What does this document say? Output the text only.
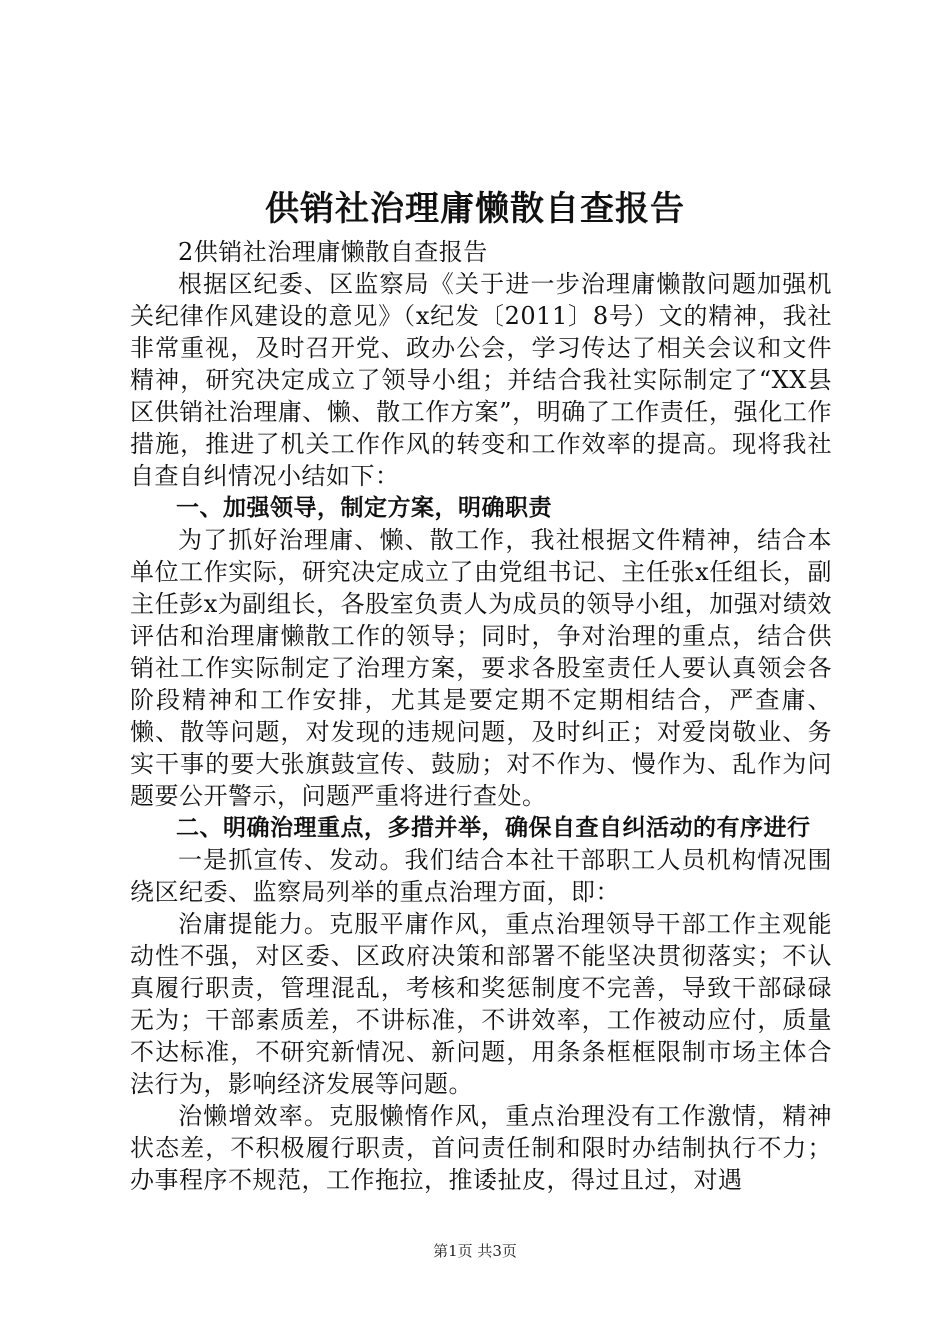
供销社治理庸懒散自查报告

2供销社治理庸懒散自查报告

根据区纪委、区监察局《关于进一步治理庸懒散问题加强机关纪律作风建设的意见》（x纪发〔2011〕8号）文的精神，我社非常重视，及时召开党、政办公会，学习传达了相关会议和文件精神，研究决定成立了领导小组；并结合我社实际制定了“XX县区供销社治理庸、懒、散工作方案”，明确了工作责任，强化工作措施，推进了机关工作作风的转变和工作效率的提高。现将我社自查自纠情况小结如下：

一、加强领导，制定方案，明确职责

为了抓好治理庸、懒、散工作，我社根据文件精神，结合本单位工作实际，研究决定成立了由党组书记、主任张x任组长，副主任彭x为副组长，各股室负责人为成员的领导小组，加强对绩效评估和治理庸懒散工作的领导；同时，争对治理的重点，结合供销社工作实际制定了治理方案，要求各股室责任人要认真领会各阶段精神和工作安排，尤其是要定期不定期相结合，严查庸、懒、散等问题，对发现的违规问题，及时纠正；对爱岗敬业、务实干事的要大张旗鼓宣传、鼓励；对不作为、慢作为、乱作为问题要公开警示，问题严重将进行查处。

二、明确治理重点，多措并举，确保自查自纠活动的有序进行

一是抓宣传、发动。我们结合本社干部职工人员机构情况围绕区纪委、监察局列举的重点治理方面，即：

治庸提能力。克服平庸作风，重点治理领导干部工作主观能动性不强，对区委、区政府决策和部署不能坚决贯彻落实；不认真履行职责，管理混乱，考核和奖惩制度不完善，导致干部碌碌无为；干部素质差，不讲标准，不讲效率，工作被动应付，质量不达标准，不研究新情况、新问题，用条条框框限制市场主体合法行为，影响经济发展等问题。

治懒增效率。克服懒惰作风，重点治理没有工作激情，精神状态差，不积极履行职责，首问责任制和限时办结制执行不力；办事程序不规范，工作拖拉，推诿扯皮，得过且过，对遇

第1页 共3页
